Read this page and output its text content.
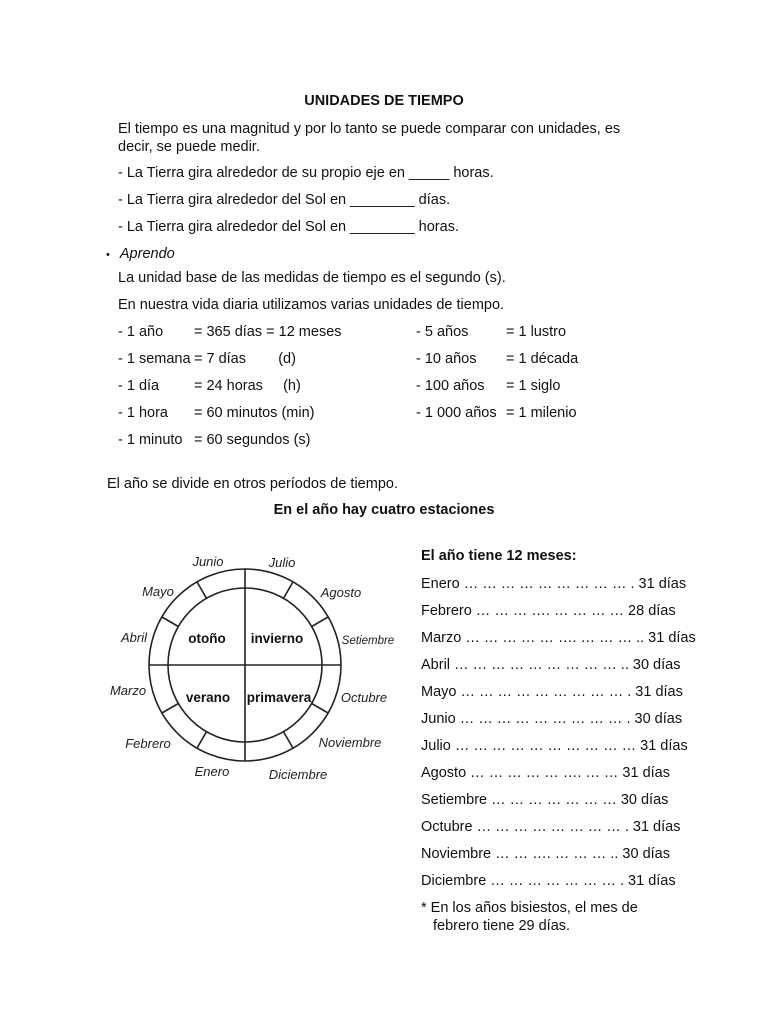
UNIDADES DE TIEMPO
El tiempo es una magnitud y por lo tanto se puede comparar con unidades, es
decir, se puede medir.
- La Tierra gira alrededor de su propio eje en _____ horas.
- La Tierra gira alrededor del Sol en ________ días.
- La Tierra gira alrededor del Sol en ________ horas.
• Aprendo
La unidad base de las medidas de tiempo es el segundo (s).
En nuestra vida diaria utilizamos varias unidades de tiempo.
- 1 año = 365 días = 12 meses
- 1 semana = 7 días        (d)
- 1 día = 24 horas     (h)
- 1 hora = 60 minutos (min)
- 1 minuto = 60 segundos (s)
- 5 años	= 1 lustro
- 10 años = 1 década
- 100 años = 1 siglo
- 1 000 años = 1 milenio
El año se divide en otros períodos de tiempo.
En el año hay cuatro estaciones
otoño invierno
verano primavera
Junio	Julio
Agosto
Setiembre
Octubre
Noviembre
Diciembre
Enero
Febrero
Marzo
Abril
Mayo
El año tiene 12 meses:
Enero … … … … … … … … … . 31 días
Febrero … … … …. … … … … 28 días
Marzo … … … … … …. … … … .. 31 días
Abril … … … … … … … … … .. 30 días
Mayo … … … … … … … … … . 31 días
Junio … … … … … … … … … . 30 días
Julio … … … … … … … … … … 31 días
Agosto … … … … … …. … … 31 días
Setiembre … … … … … … … 30 días
Octubre … … … … … … … … . 31 días
Noviembre … … …. … … … .. 30 días
Diciembre … … … … … … … . 31 días
* En los años bisiestos, el mes de
febrero tiene 29 días.
